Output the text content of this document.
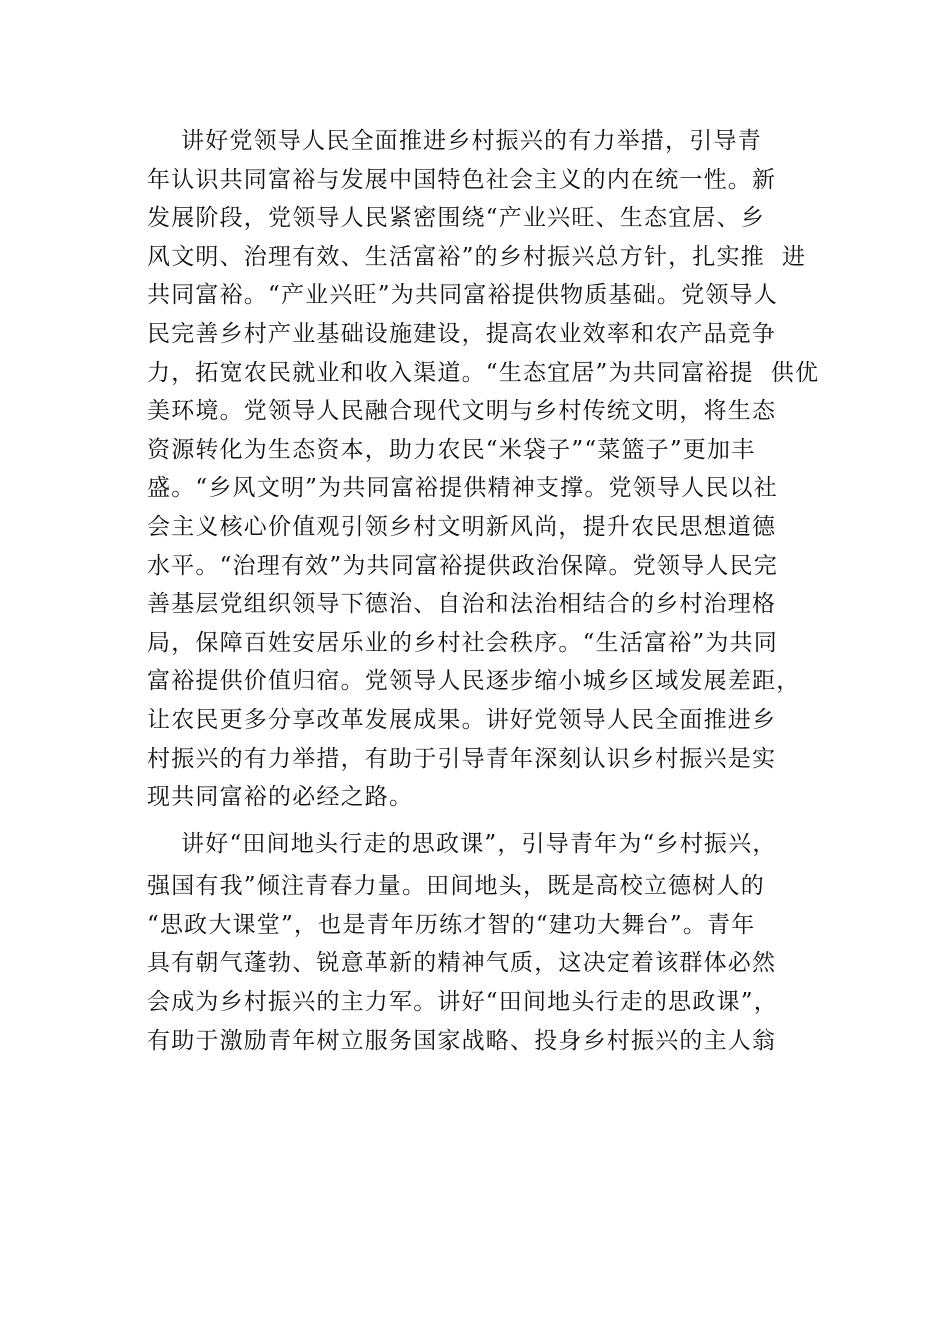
讲好党领导人民全面推进乡村振兴的有力举措，引导青
年认识共同富裕与发展中国特色社会主义的内在统一性。新
发展阶段，党领导人民紧密围绕“产业兴旺、生态宜居、乡
风文明、治理有效、生活富裕”的乡村振兴总方针，扎实推  进
共同富裕。“产业兴旺”为共同富裕提供物质基础。党领导人
民完善乡村产业基础设施建设，提高农业效率和农产品竞争
力，拓宽农民就业和收入渠道。“生态宜居”为共同富裕提  供优
美环境。党领导人民融合现代文明与乡村传统文明，将生态
资源转化为生态资本，助力农民“米袋子”“菜篮子”更加丰
盛。“乡风文明”为共同富裕提供精神支撑。党领导人民以社
会主义核心价值观引领乡村文明新风尚，提升农民思想道德
水平。“治理有效”为共同富裕提供政治保障。党领导人民完
善基层党组织领导下德治、自治和法治相结合的乡村治理格
局，保障百姓安居乐业的乡村社会秩序。“生活富裕”为共同
富裕提供价值归宿。党领导人民逐步缩小城乡区域发展差距，
让农民更多分享改革发展成果。讲好党领导人民全面推进乡
村振兴的有力举措，有助于引导青年深刻认识乡村振兴是实
现共同富裕的必经之路。
讲好“田间地头行走的思政课”，引导青年为“乡村振兴，
强国有我”倾注青春力量。田间地头，既是高校立德树人的
“思政大课堂”，也是青年历练才智的“建功大舞台”。青年
具有朝气蓬勃、锐意革新的精神气质，这决定着该群体必然
会成为乡村振兴的主力军。讲好“田间地头行走的思政课”，
有助于激励青年树立服务国家战略、投身乡村振兴的主人翁
